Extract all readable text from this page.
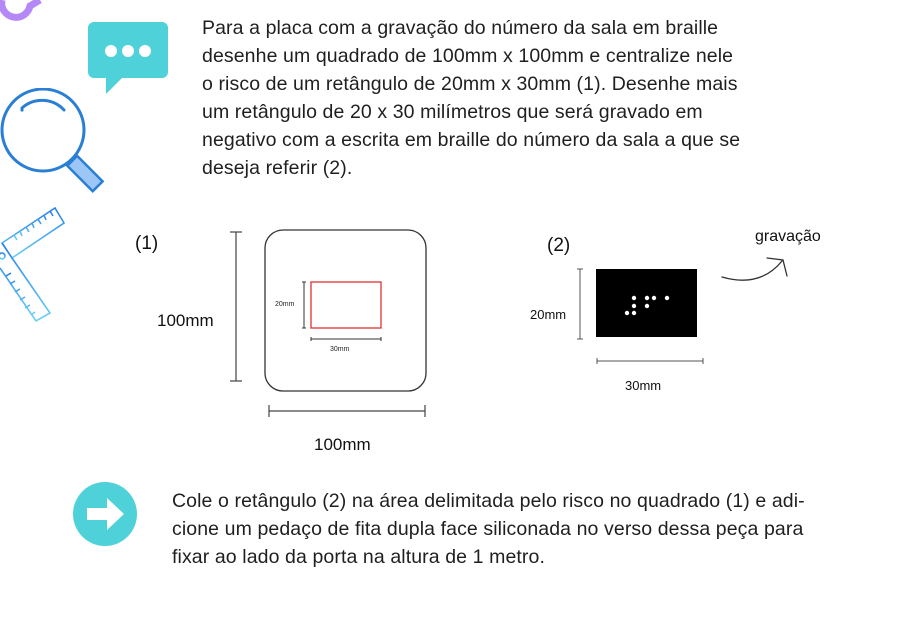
Para a placa com a gravação do número da sala em braille
desenhe um quadrado de 100mm x 100mm e centralize nele
o risco de um retângulo de 20mm x 30mm (1). Desenhe mais
um retângulo de 20 x 30 milímetros que será gravado em
negativo com a escrita em braille do número da sala a que se
deseja referir (2).
(1)
100mm
20mm
30mm
100mm
(2)	gravação
20mm
30mm
Cole o retângulo (2) na área delimitada pelo risco no quadrado (1) e adi-
cione um pedaço de fita dupla face siliconada no verso dessa peça para
fixar ao lado da porta na altura de 1 metro.
